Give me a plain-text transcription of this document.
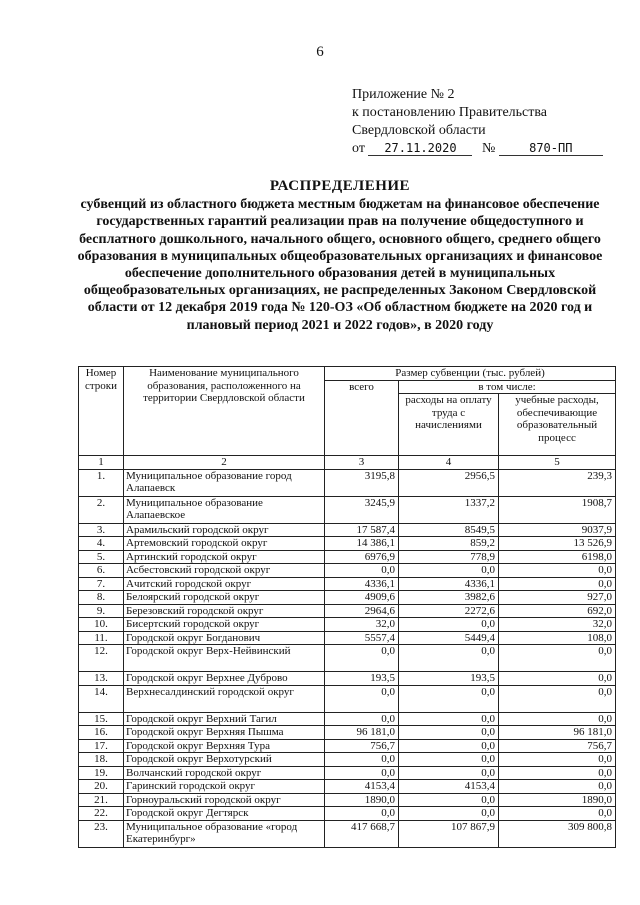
6
Приложение № 2
к постановлению Правительства
Свердловской области
от 27.11.2020 №	870-ПП
РАСПРЕДЕЛЕНИЕ
субвенций из областного бюджета местным бюджетам на финансовое обеспечение государственных гарантий реализации прав на получение общедоступного и бесплатного дошкольного, начального общего, основного общего, среднего общего образования в муниципальных общеобразовательных организациях и финансовое обеспечение дополнительного образования детей в муниципальных общеобразовательных организациях, не распределенных Законом Свердловской области от 12 декабря 2019 года № 120-ОЗ «Об областном бюджете на 2020 год и плановый период 2021 и 2022 годов», в 2020 году
Номер строки	Наименование муниципального образования, расположенного на территории Свердловской области	Размер субвенции (тыс. рублей)		
		всего	в том числе:	
			расходы на оплату труда с начислениями	учебные расходы, обеспечивающие образовательный процесс
1	2	3	4	5
1.	Муниципальное образование город Алапаевск	3195,8	2956,5	239,3
2.	Муниципальное образование Алапаевское	3245,9	1337,2	1908,7
3.	Арамильский городской округ	17 587,4	8549,5	9037,9
4.	Артемовский городской округ	14 386,1	859,2	13 526,9
5.	Артинский городской округ	6976,9	778,9	6198,0
6.	Асбестовский городской округ	0,0	0,0	0,0
7.	Ачитский городской округ	4336,1	4336,1	0,0
8.	Белоярский городской округ	4909,6	3982,6	927,0
9.	Березовский городской округ	2964,6	2272,6	692,0
10.	Бисертский городской округ	32,0	0,0	32,0
11.	Городской округ Богданович	5557,4	5449,4	108,0
12.	Городской округ Верх-Нейвинский	0,0	0,0	0,0
13.	Городской округ Верхнее Дуброво	193,5	193,5	0,0
14.	Верхнесалдинский городской округ	0,0	0,0	0,0
15.	Городской округ Верхний Тагил	0,0	0,0	0,0
16.	Городской округ Верхняя Пышма	96 181,0	0,0	96 181,0
17.	Городской округ Верхняя Тура	756,7	0,0	756,7
18.	Городской округ Верхотурский	0,0	0,0	0,0
19.	Волчанский городской округ	0,0	0,0	0,0
20.	Гаринский городской округ	4153,4	4153,4	0,0
21.	Горноуральский городской округ	1890,0	0,0	1890,0
22.	Городской округ Дегтярск	0,0	0,0	0,0
23.	Муниципальное образование «город Екатеринбург»	417 668,7	107 867,9	309 800,8
